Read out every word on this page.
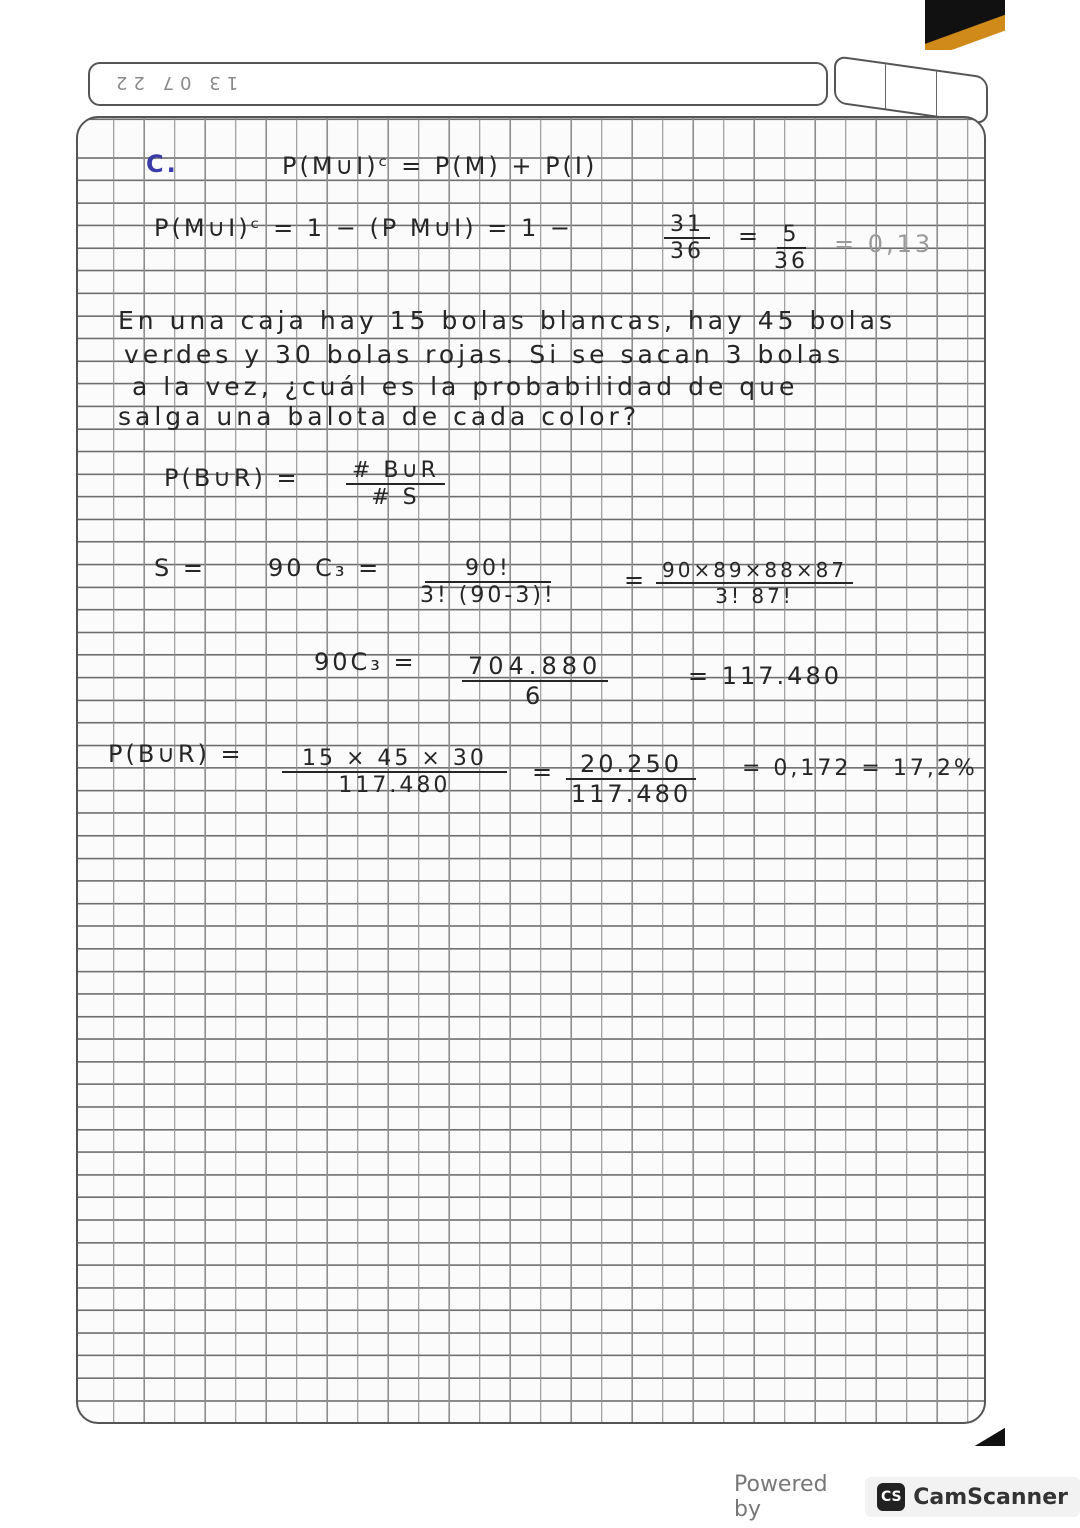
13 07 22
C.	P(M∪I)ᶜ = P(M) + P(I)
P(M∪I)ᶜ = 1 − (P M∪I) = 1 −	$\frac{31}{36} = \frac{5}{36} = 0,13$
En una caja hay 15 bolas blancas, hay 45 bolas
verdes y 30 bolas rojas. Si se sacan 3 bolas
a la vez, ¿cuál es la probabilidad de que
salga una balota de cada color?
P(B∪R) = $\frac{\# B\cup R}{\# S}$
S =	90 $C_3 = \frac{90!}{3! (90-3)!}$	= $\frac{90\times 89\times 88\times 87}{3! 87!}$
$90C_3 = \frac{704.880}{6}$	= 117.480
P(B∪R) = $\frac{15 \times 45 \times 30}{117.480} = \frac{20.250}{117.480} = 0,172 = 17,2\%$
Powered by	CS CamScanner
